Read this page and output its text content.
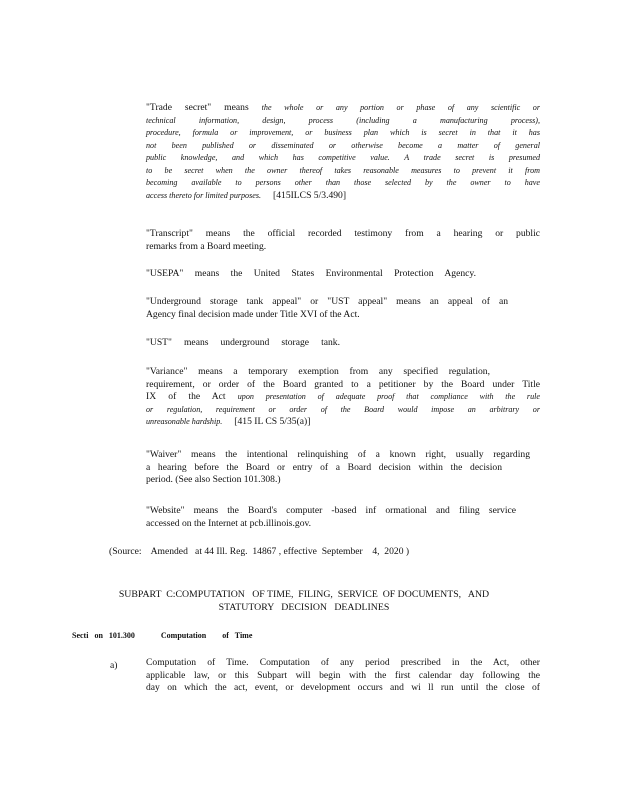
"Trade secret" means the whole or any portion or phase of any scientific or
technical information, design, process (including a manufacturing process),
procedure, formula or improvement, or business plan which is secret in that it has
not been published or disseminated or otherwise become a matter of general
public knowledge, and which has competitive value. A trade secret is presumed
to be secret when the owner thereof takes reasonable measures to prevent it from
becoming available to persons other than those selected by the owner to have
access thereto for limited purposes. [415ILCS 5/3.490]
"Transcript" means the official recorded testimony from a hearing or public
remarks from a Board meeting.
"USEPA" means the United States Environmental Protection Agency.
"Underground storage tank appeal" or "UST appeal" means an appeal of an
Agency final decision made under Title XVI of the Act.
"UST" means underground storage tank.
"Variance" means a temporary exemption from any specified regulation,
requirement, or order of the Board granted to a petitioner by the Board under Title
IX of the Act upon presentation of adequate proof that compliance with the rule
or regulation, requirement or order of the Board would impose an arbitrary or
unreasonable hardship. [415 IL CS 5/35(a)]
"Waiver" means the intentional relinquishing of a known right, usually regarding
a hearing before the Board or entry of a Board decision within the decision
period. (See also Section 101.308.)
"Website" means the Board's computer -based inf ormational and filing service
accessed on the Internet at pcb.illinois.gov.
(Source:    Amended   at 44 Ill. Reg.  14867 , effective  September    4,  2020 )
SUBPART  C:COMPUTATION   OF TIME,  FILING,  SERVICE  OF DOCUMENTS,   AND
STATUTORY   DECISION   DEADLINES
Secti   on   101.300	Computation        of   Time
a)	Computation of Time. Computation of any period prescribed in the Act, other
applicable law, or this Subpart will begin with the first calendar day following the
day on which the act, event, or development occurs and wi ll run until the close of
